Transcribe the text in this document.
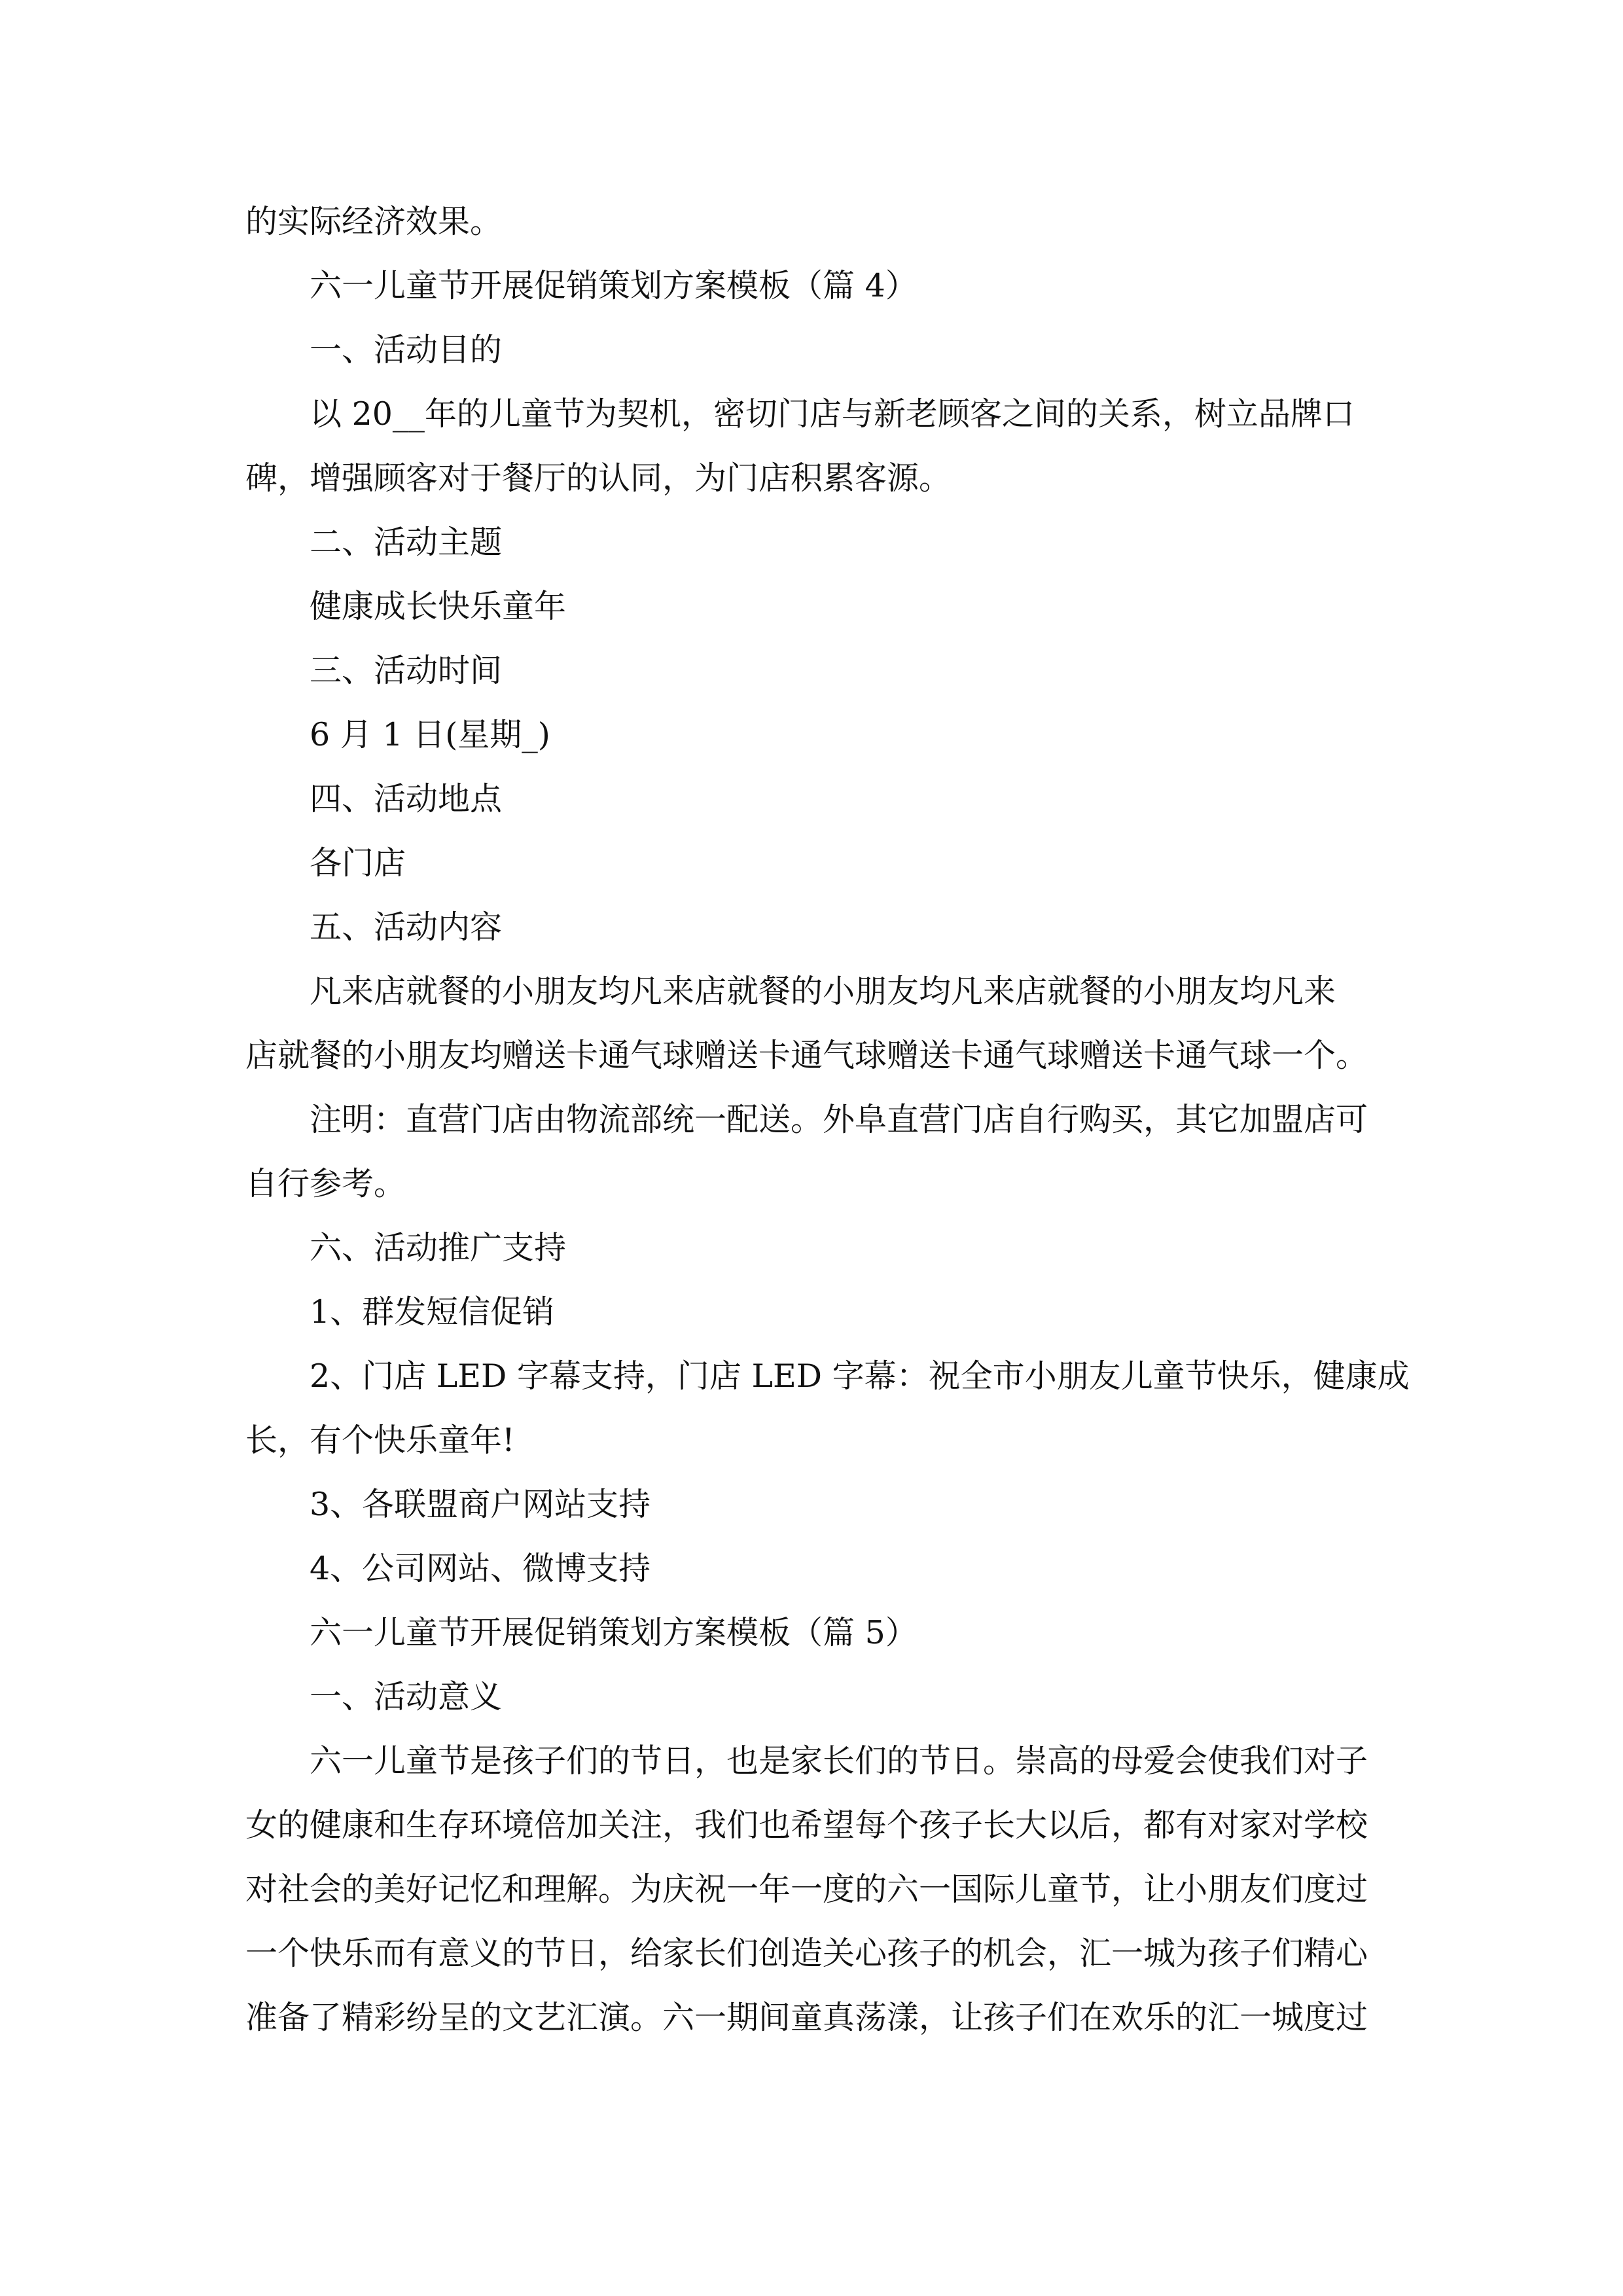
的实际经济效果。
六一儿童节开展促销策划方案模板（篇 4）
一、活动目的
以 20__年的儿童节为契机，密切门店与新老顾客之间的关系，树立品牌口
碑，增强顾客对于餐厅的认同，为门店积累客源。
二、活动主题
健康成长快乐童年
三、活动时间
6 月 1 日(星期_)
四、活动地点
各门店
五、活动内容
凡来店就餐的小朋友均凡来店就餐的小朋友均凡来店就餐的小朋友均凡来
店就餐的小朋友均赠送卡通气球赠送卡通气球赠送卡通气球赠送卡通气球一个。
注明：直营门店由物流部统一配送。外阜直营门店自行购买，其它加盟店可
自行参考。
六、活动推广支持
1、群发短信促销
2、门店 LED 字幕支持，门店 LED 字幕：祝全市小朋友儿童节快乐，健康成
长，有个快乐童年!
3、各联盟商户网站支持
4、公司网站、微博支持
六一儿童节开展促销策划方案模板（篇 5）
一、活动意义
六一儿童节是孩子们的节日，也是家长们的节日。崇高的母爱会使我们对子
女的健康和生存环境倍加关注，我们也希望每个孩子长大以后，都有对家对学校
对社会的美好记忆和理解。为庆祝一年一度的六一国际儿童节，让小朋友们度过
一个快乐而有意义的节日，给家长们创造关心孩子的机会，汇一城为孩子们精心
准备了精彩纷呈的文艺汇演。六一期间童真荡漾，让孩子们在欢乐的汇一城度过
